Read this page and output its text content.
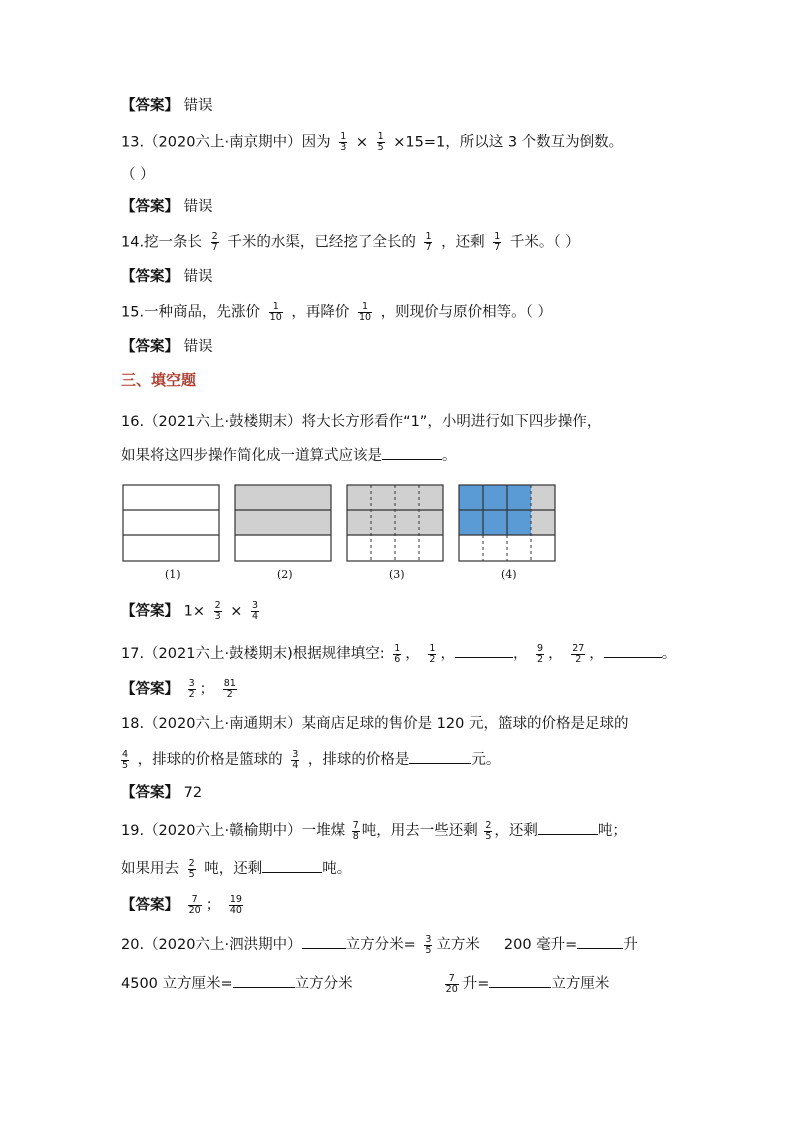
【答案】 错误
13.（2020六上·南京期中）因为 $\frac{1}{3} \times \frac{1}{5} \times 15=1$，所以这 3 个数互为倒数。
（ ）
【答案】 错误
14.挖一条长 $\frac{2}{7}$ 千米的水渠，已经挖了全长的 $\frac{1}{7}$ ，还剩 $\frac{1}{7}$ 千米。（ ）
【答案】 错误
15.一种商品，先涨价 $\frac{1}{10}$ ，再降价 $\frac{1}{10}$ ，则现价与原价相等。（ ）
【答案】 错误
三、填空题
16.（2021六上·鼓楼期末）将大长方形看作“1”，小明进行如下四步操作，
如果将这四步操作简化成一道算式应该是	。
(1)	(2)	(3)	(4)
【答案】 $1\times \frac{2}{3} \times \frac{3}{4}$
17.（2021六上·鼓楼期末)根据规律填空: $\frac{1}{6}$ ， $\frac{1}{2}$ ，	， $\frac{9}{2}$ ， $\frac{27}{2}$ ，	。
【答案】 $\frac{3}{2}$ ； $\frac{81}{2}$
18.（2020六上·南通期末）某商店足球的售价是 120 元，篮球的价格是足球的
$\frac{4}{5}$ ，排球的价格是篮球的 $\frac{3}{4}$ ，排球的价格是	元。
【答案】 72
19.（2020六上·赣榆期中）一堆煤 $\frac{7}{8}$ 吨，用去一些还剩 $\frac{2}{5}$ ，还剩	吨；
如果用去 $\frac{2}{5}$ 吨，还剩	吨。
【答案】 $\frac{7}{20}$ ； $\frac{19}{40}$
20.（2020六上·泗洪期中）	立方分米= $\frac{3}{5}$ 立方米 200 毫升=	升
4500 立方厘米=	立方分米	$\frac{7}{20}$ 升=	立方厘米
